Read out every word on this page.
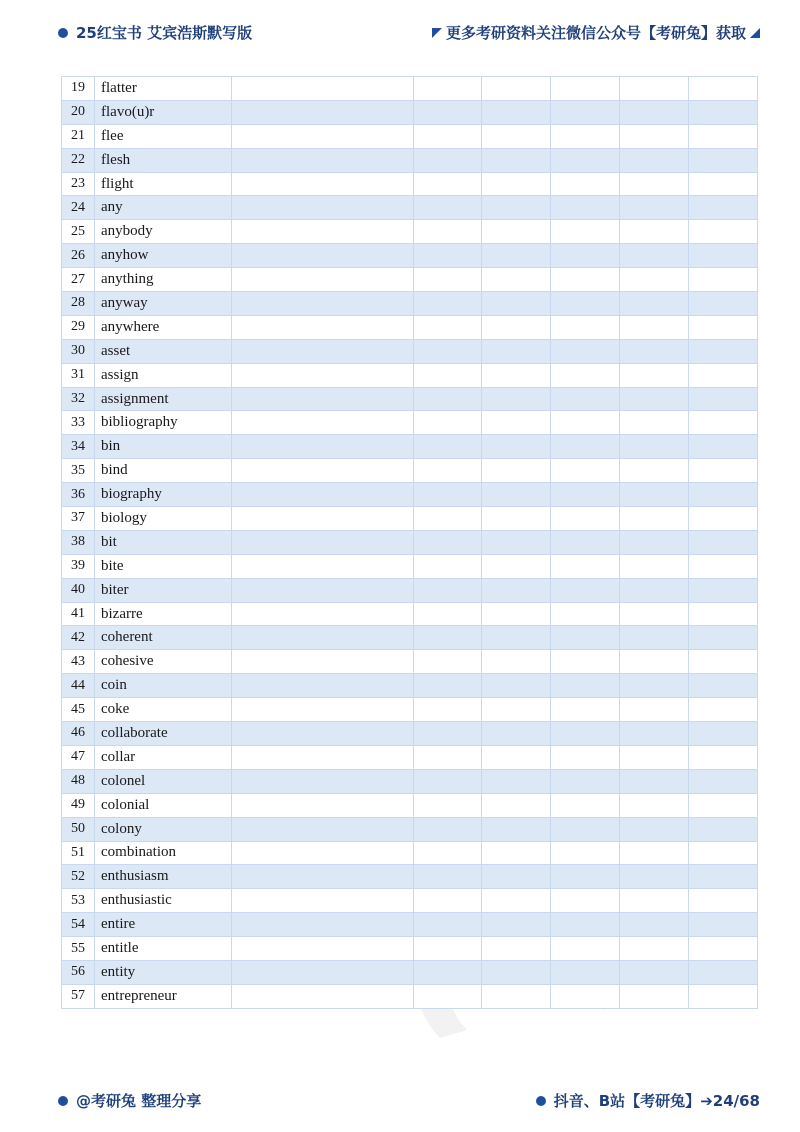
25红宝书 艾宾浩斯默写版	更多考研资料关注微信公众号【考研兔】获取
19	flatter						
20	flavo(u)r						
21	flee						
22	flesh						
23	flight						
24	any						
25	anybody						
26	anyhow						
27	anything						
28	anyway						
29	anywhere						
30	asset						
31	assign						
32	assignment						
33	bibliography						
34	bin						
35	bind						
36	biography						
37	biology						
38	bit						
39	bite						
40	biter						
41	bizarre						
42	coherent						
43	cohesive						
44	coin						
45	coke						
46	collaborate						
47	collar						
48	colonel						
49	colonial						
50	colony						
51	combination						
52	enthusiasm						
53	enthusiastic						
54	entire						
55	entitle						
56	entity						
57	entrepreneur						
@考研兔 整理分享	抖音、B站【考研兔】 ➔ 24/68
